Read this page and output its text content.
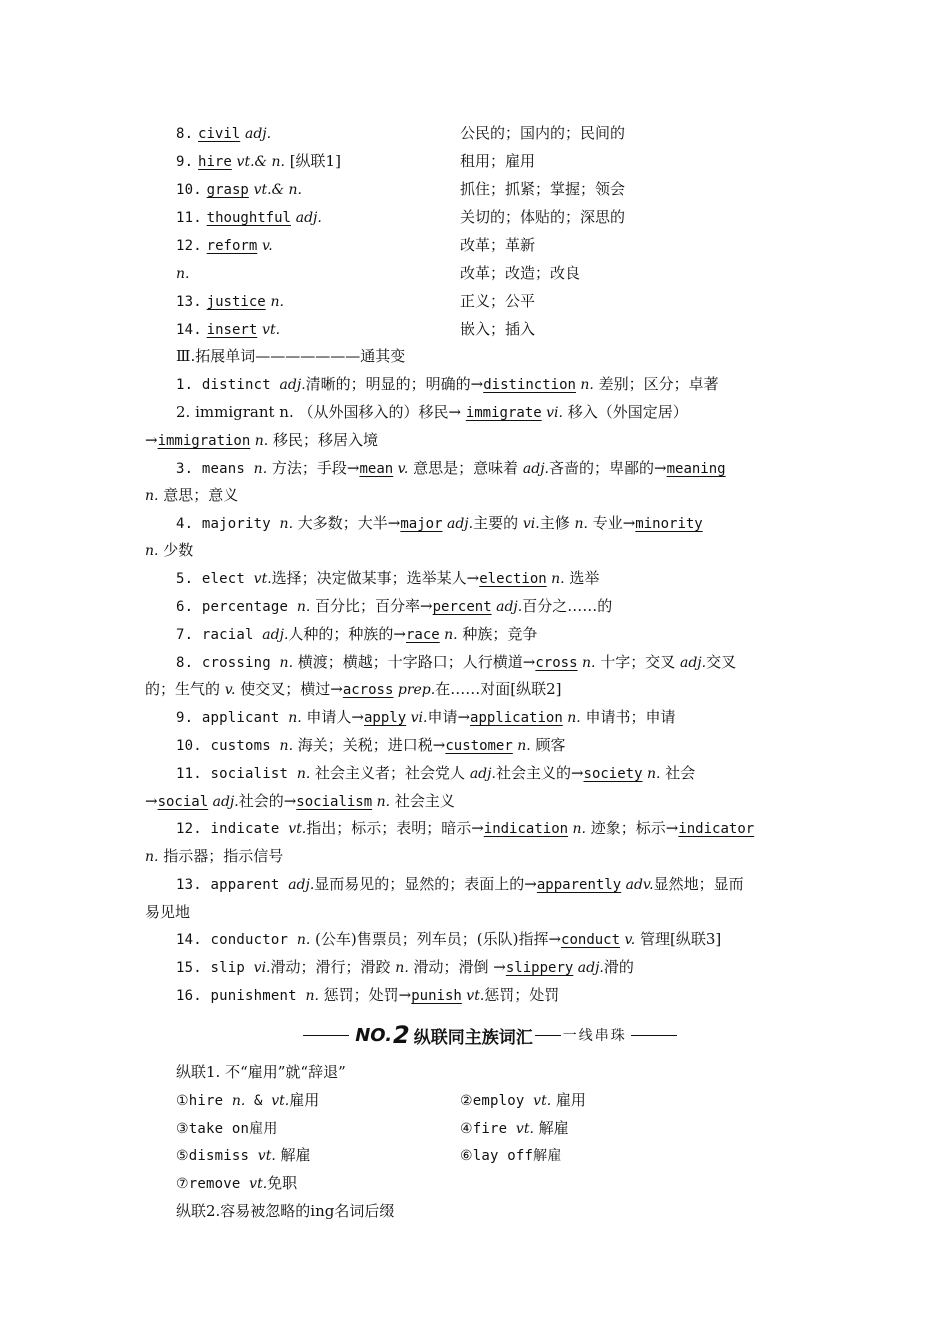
8. civil adj.	公民的；国内的；民间的
9. hire vt.& n. [纵联1]	租用；雇用
10. grasp vt.& n.	抓住；抓紧；掌握；领会
11. thoughtful adj.	关切的；体贴的；深思的
12. reform v.	改革；革新
n.	改革；改造；改良
13. justice n.	正义；公平
14. insert vt.	嵌入；插入
Ⅲ.拓展单词———————通其变
1. distinct adj.清晰的；明显的；明确的→distinction n. 差别；区分；卓著
2. immigrant n. （从外国移入的）移民→ immigrate vi. 移入（外国定居）
→immigration n. 移民；移居入境
3. means n. 方法；手段→mean v. 意思是；意味着 adj.吝啬的；卑鄙的→meaning
n. 意思；意义
4. majority n. 大多数；大半→major adj.主要的 vi.主修 n. 专业→minority
n. 少数
5. elect vt.选择；决定做某事；选举某人→election n. 选举
6. percentage n. 百分比；百分率→percent adj.百分之……的
7. racial adj.人种的；种族的→race n. 种族；竞争
8. crossing n. 横渡；横越；十字路口；人行横道→cross n. 十字；交叉 adj.交叉
的；生气的 v. 使交叉；横过→across prep.在……对面[纵联2]
9. applicant n. 申请人→apply vi.申请→application n. 申请书；申请
10. customs n. 海关；关税；进口税→customer n. 顾客
11. socialist n. 社会主义者；社会党人 adj.社会主义的→society n. 社会
→social adj.社会的→socialism n. 社会主义
12. indicate vt.指出；标示；表明；暗示→indication n. 迹象；标示→indicator
n. 指示器；指示信号
13. apparent adj.显而易见的；显然的；表面上的→apparently adv.显然地；显而
易见地
14. conductor n. (公车)售票员；列车员；(乐队)指挥→conduct v. 管理[纵联3]
15. slip vi.滑动；滑行；滑跤 n. 滑动；滑倒 →slippery adj.滑的
16. punishment n. 惩罚；处罚→punish vt.惩罚；处罚
NO. 2 纵联同主族词汇 一线串珠
纵联1. 不“雇用”就“辞退”
①hire n. & vt.雇用	②employ vt. 雇用
③take on雇用	④fire vt. 解雇
⑤dismiss vt. 解雇	⑥lay off解雇
⑦remove vt.免职
纵联2.容易被忽略的ing名词后缀
